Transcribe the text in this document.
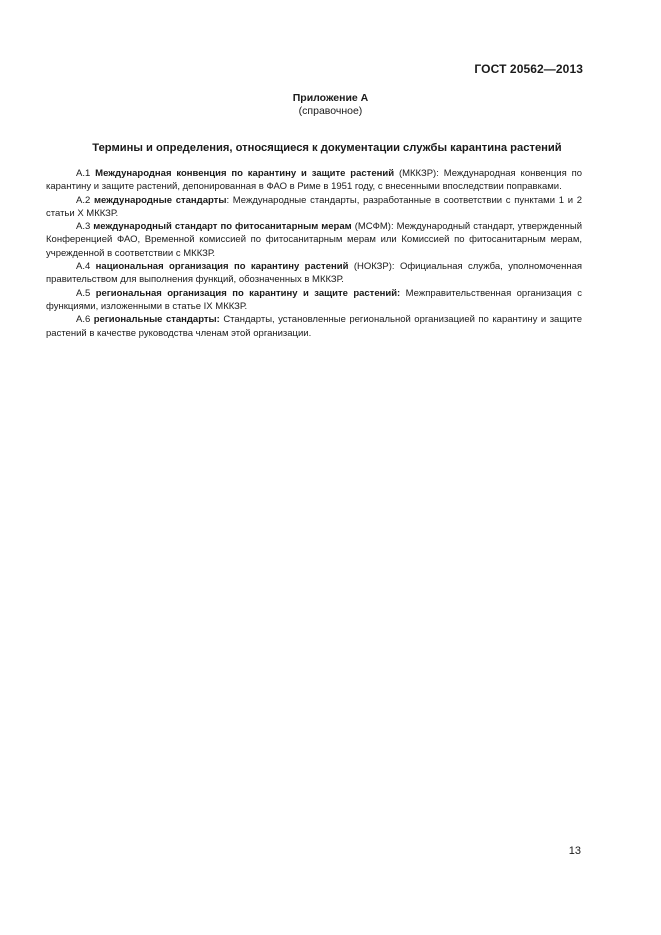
ГОСТ 20562—2013
Приложение А
(справочное)
Термины и определения, относящиеся к документации службы карантина растений

А.1 Международная конвенция по карантину и защите растений (МККЗР): Международная конвенция по карантину и защите растений, депонированная в ФАО в Риме в 1951 году, с внесенными впоследствии поправками.

А.2 международные стандарты: Международные стандарты, разработанные в соответствии с пунктами 1 и 2 статьи X МККЗР.

А.3 международный стандарт по фитосанитарным мерам (МСФМ): Международный стандарт, утвержденный Конференцией ФАО, Временной комиссией по фитосанитарным мерам или Комиссией по фитосанитарным мерам, учрежденной в соответствии с МККЗР.

А.4 национальная организация по карантину растений (НОКЗР): Официальная служба, уполномоченная правительством для выполнения функций, обозначенных в МККЗР.

А.5 региональная организация по карантину и защите растений: Межправительственная организация с функциями, изложенными в статье IX МККЗР.

А.6 региональные стандарты: Стандарты, установленные региональной организацией по карантину и защите растений в качестве руководства членам этой организации.

13
